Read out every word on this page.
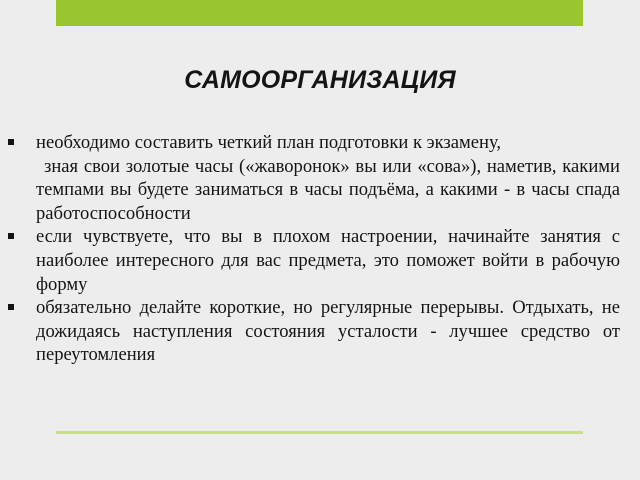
САМООРГАНИЗАЦИЯ
необходимо составить четкий план подготовки к экзамену,
зная свои золотые часы («жаворонок» вы или «сова»), наметив, какими темпами вы будете заниматься в часы подъёма, а какими - в часы спада работоспособности
если чувствуете, что вы в плохом настроении, начинайте занятия с наиболее интересного для вас предмета, это поможет войти в рабочую форму
обязательно делайте короткие, но регулярные перерывы. Отдыхать, не дожидаясь наступления состояния усталости - лучшее средство от переутомления
